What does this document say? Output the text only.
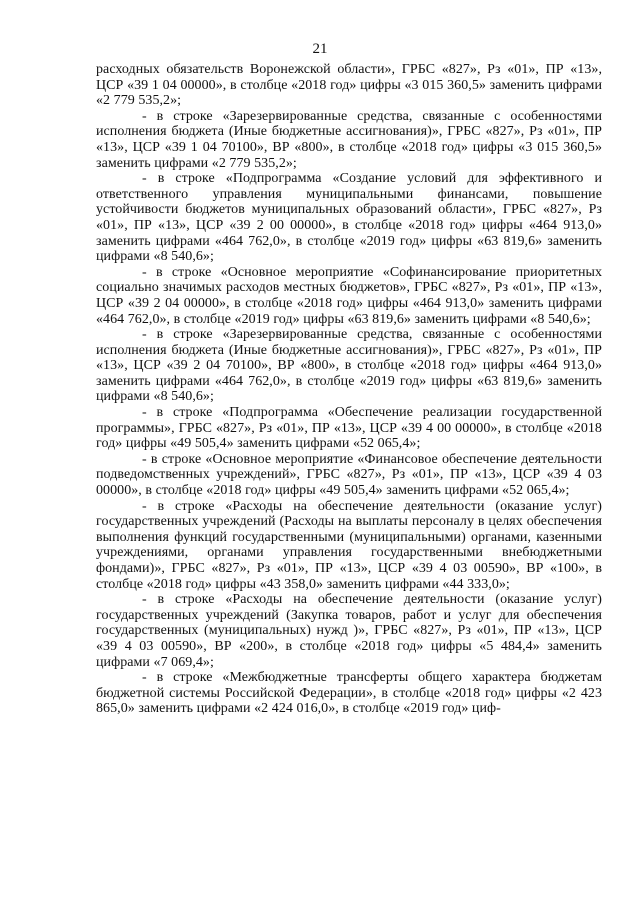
21

расходных обязательств Воронежской области», ГРБС «827», Рз «01», ПР «13», ЦСР «39 1 04 00000», в столбце «2018 год» цифры «3 015 360,5» заменить цифрами «2 779 535,2»;

- в строке «Зарезервированные средства, связанные с особенностями исполнения бюджета (Иные бюджетные ассигнования)», ГРБС «827», Рз «01», ПР «13», ЦСР «39 1 04 70100», ВР «800», в столбце «2018 год» цифры «3 015 360,5» заменить цифрами «2 779 535,2»;

- в строке «Подпрограмма «Создание условий для эффективного и ответственного управления муниципальными финансами, повышение устойчивости бюджетов муниципальных образований области», ГРБС «827», Рз «01», ПР «13», ЦСР «39 2 00 00000», в столбце «2018 год» цифры «464 913,0» заменить цифрами «464 762,0», в столбце «2019 год» цифры «63 819,6» заменить цифрами «8 540,6»;

- в строке «Основное мероприятие «Софинансирование приоритетных социально значимых расходов местных бюджетов», ГРБС «827», Рз «01», ПР «13», ЦСР «39 2 04 00000», в столбце «2018 год» цифры «464 913,0» заменить цифрами «464 762,0», в столбце «2019 год» цифры «63 819,6» заменить цифрами «8 540,6»;

- в строке «Зарезервированные средства, связанные с особенностями исполнения бюджета (Иные бюджетные ассигнования)», ГРБС «827», Рз «01», ПР «13», ЦСР «39 2 04 70100», ВР «800», в столбце «2018 год» цифры «464 913,0» заменить цифрами «464 762,0», в столбце «2019 год» цифры «63 819,6» заменить цифрами «8 540,6»;

- в строке «Подпрограмма «Обеспечение реализации государственной программы», ГРБС «827», Рз «01», ПР «13», ЦСР «39 4 00 00000», в столбце «2018 год» цифры «49 505,4» заменить цифрами «52 065,4»;

- в строке «Основное мероприятие «Финансовое обеспечение деятельности подведомственных учреждений», ГРБС «827», Рз «01», ПР «13», ЦСР «39 4 03 00000», в столбце «2018 год» цифры «49 505,4» заменить цифрами «52 065,4»;

- в строке «Расходы на обеспечение деятельности (оказание услуг) государственных учреждений (Расходы на выплаты персоналу в целях обеспечения выполнения функций государственными (муниципальными) органами, казенными учреждениями, органами управления государственными внебюджетными фондами)», ГРБС «827», Рз «01», ПР «13», ЦСР «39 4 03 00590», ВР «100», в столбце «2018 год» цифры «43 358,0» заменить цифрами «44 333,0»;

- в строке «Расходы на обеспечение деятельности (оказание услуг) государственных учреждений (Закупка товаров, работ и услуг для обеспечения государственных (муниципальных) нужд )», ГРБС «827», Рз «01», ПР «13», ЦСР «39 4 03 00590», ВР «200», в столбце «2018 год» цифры «5 484,4» заменить цифрами «7 069,4»;

- в строке «Межбюджетные трансферты общего характера бюджетам бюджетной системы Российской Федерации», в столбце «2018 год» цифры «2 423 865,0» заменить цифрами «2 424 016,0», в столбце «2019 год» циф-
